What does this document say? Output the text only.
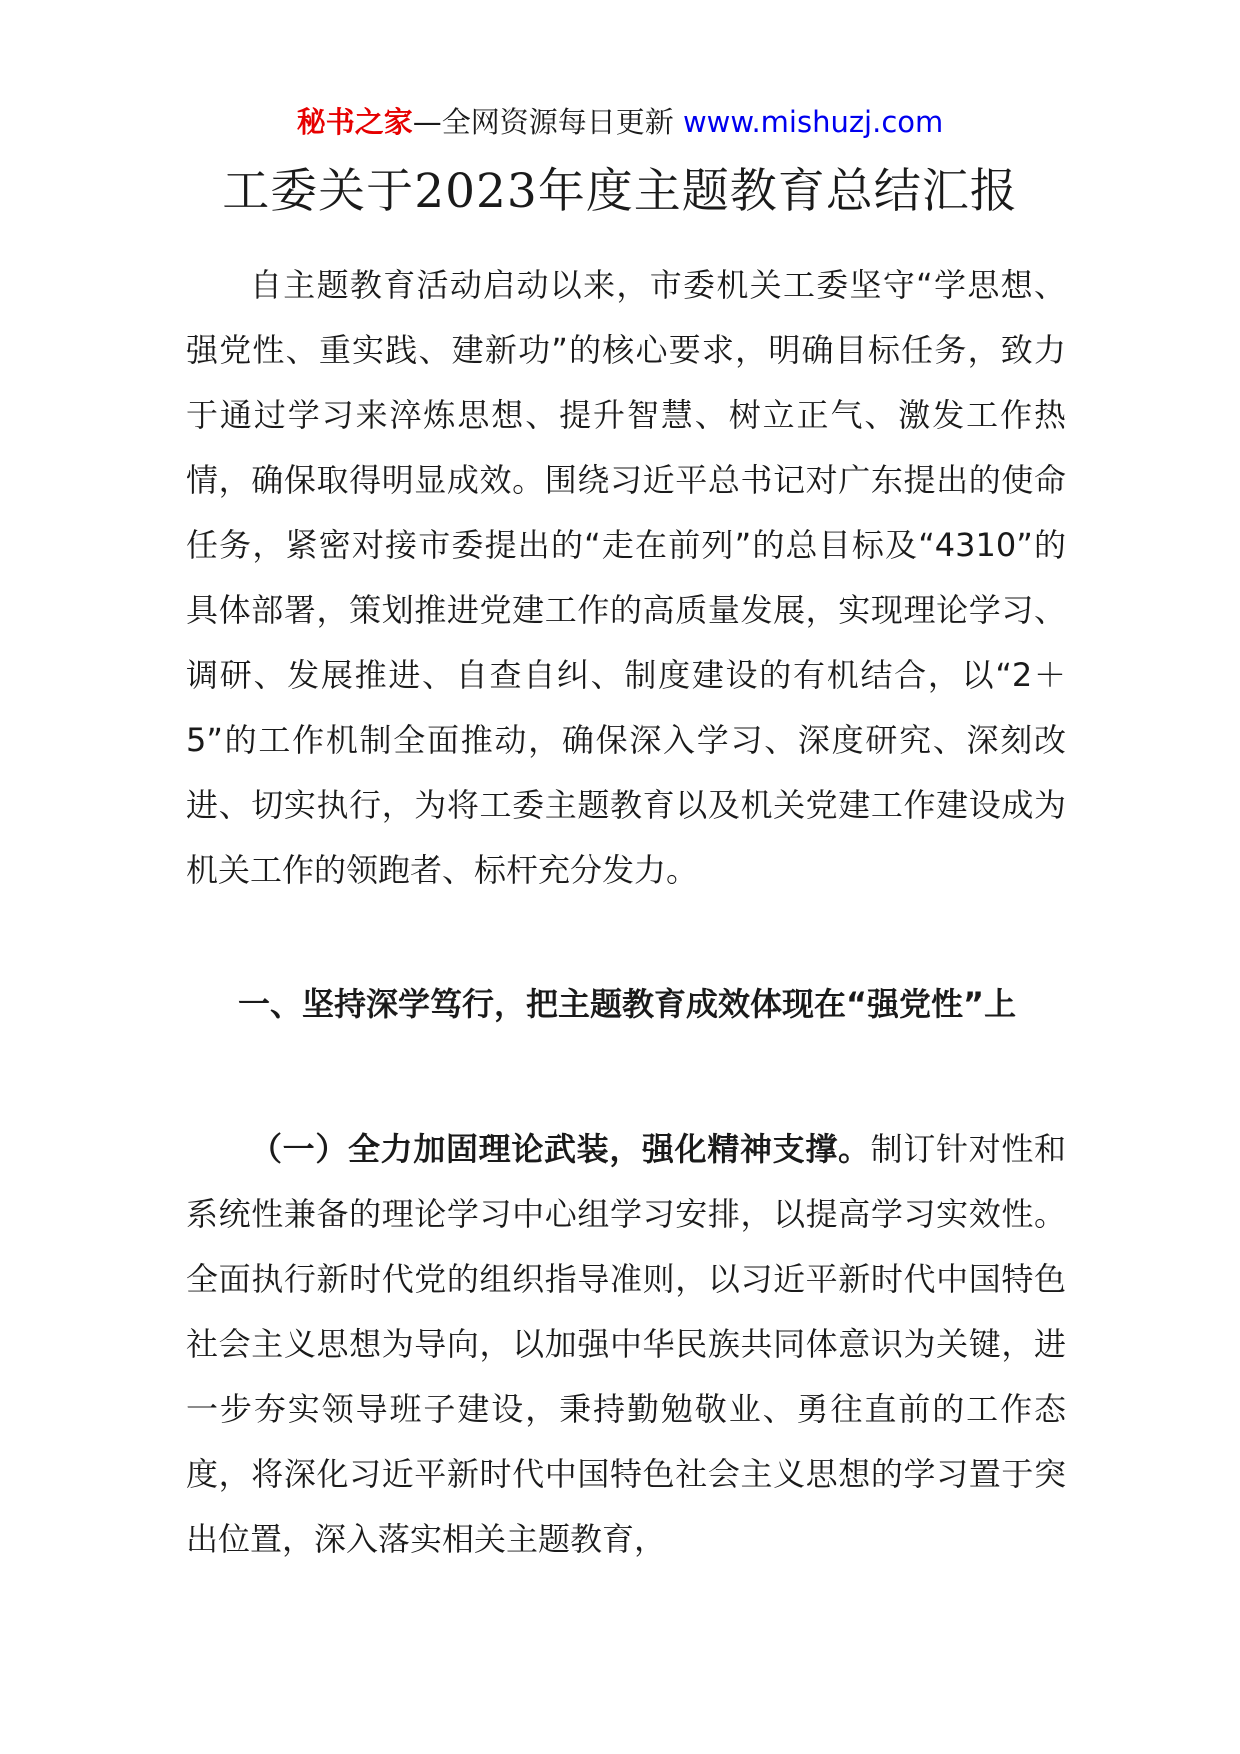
秘书之家—全网资源每日更新 www.mishuzj.com
工委关于2023年度主题教育总结汇报

自主题教育活动启动以来，市委机关工委坚守“学思想、强党性、重实践、建新功”的核心要求，明确目标任务，致力于通过学习来淬炼思想、提升智慧、树立正气、激发工作热情，确保取得明显成效。围绕习近平总书记对广东提出的使命任务，紧密对接市委提出的“走在前列”的总目标及“4310”的具体部署，策划推进党建工作的高质量发展，实现理论学习、调研、发展推进、自查自纠、制度建设的有机结合，以“2＋5”的工作机制全面推动，确保深入学习、深度研究、深刻改进、切实执行，为将工委主题教育以及机关党建工作建设成为机关工作的领跑者、标杆充分发力。

一、坚持深学笃行，把主题教育成效体现在“强党性”上

（一）全力加固理论武装，强化精神支撑。制订针对性和系统性兼备的理论学习中心组学习安排，以提高学习实效性。全面执行新时代党的组织指导准则，以习近平新时代中国特色社会主义思想为导向，以加强中华民族共同体意识为关键，进一步夯实领导班子建设，秉持勤勉敬业、勇往直前的工作态度，将深化习近平新时代中国特色社会主义思想的学习置于突出位置，深入落实相关主题教育，
